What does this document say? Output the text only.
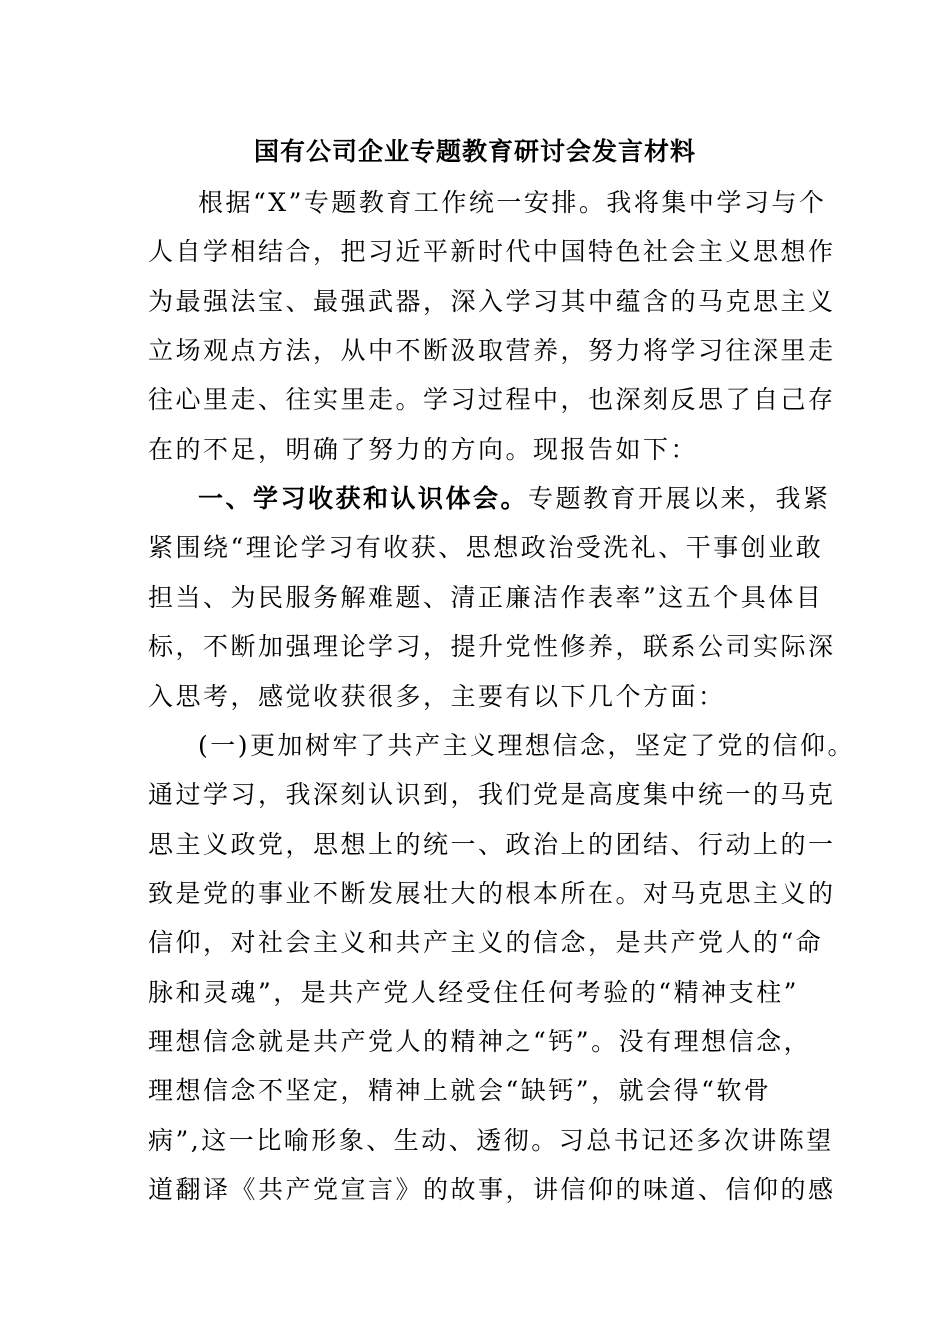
国有公司企业专题教育研讨会发言材料
根据“X”专题教育工作统一安排。我将集中学习与个
人自学相结合，把习近平新时代中国特色社会主义思想作
为最强法宝、最强武器，深入学习其中蕴含的马克思主义
立场观点方法，从中不断汲取营养，努力将学习往深里走
往心里走、往实里走。学习过程中，也深刻反思了自己存
在的不足，明确了努力的方向。现报告如下：
一、学习收获和认识体会。专题教育开展以来，我紧
紧围绕“理论学习有收获、思想政治受洗礼、干事创业敢
担当、为民服务解难题、清正廉洁作表率”这五个具体目
标，不断加强理论学习，提升党性修养，联系公司实际深
入思考，感觉收获很多，主要有以下几个方面：
(一)更加树牢了共产主义理想信念，坚定了党的信仰。
通过学习，我深刻认识到，我们党是高度集中统一的马克
思主义政党，思想上的统一、政治上的团结、行动上的一
致是党的事业不断发展壮大的根本所在。对马克思主义的
信仰，对社会主义和共产主义的信念，是共产党人的“命
脉和灵魂”，是共产党人经受住任何考验的“精神支柱”
理想信念就是共产党人的精神之“钙”。没有理想信念，
理想信念不坚定，精神上就会“缺钙”，就会得“软骨
病”,这一比喻形象、生动、透彻。习总书记还多次讲陈望
道翻译《共产党宣言》的故事，讲信仰的味道、信仰的感
